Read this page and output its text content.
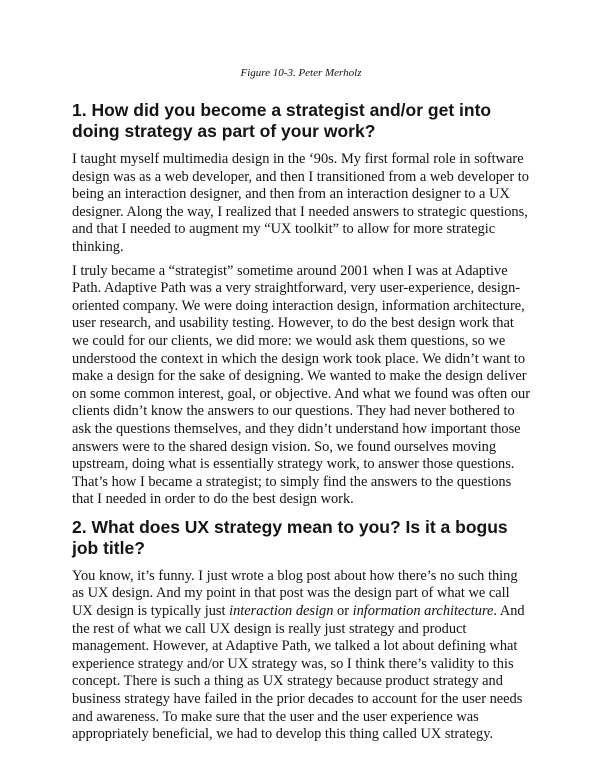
Figure 10-3. Peter Merholz
1. How did you become a strategist and/or get into doing strategy as part of your work?

I taught myself multimedia design in the ‘90s. My first formal role in software design was as a web developer, and then I transitioned from a web developer to being an interaction designer, and then from an interaction designer to a UX designer. Along the way, I realized that I needed answers to strategic questions, and that I needed to augment my “UX toolkit” to allow for more strategic thinking.

I truly became a “strategist” sometime around 2001 when I was at Adaptive Path. Adaptive Path was a very straightforward, very user-experience, design-oriented company. We were doing interaction design, information architecture, user research, and usability testing. However, to do the best design work that we could for our clients, we did more: we would ask them questions, so we understood the context in which the design work took place. We didn’t want to make a design for the sake of designing. We wanted to make the design deliver on some common interest, goal, or objective. And what we found was often our clients didn’t know the answers to our questions. They had never bothered to ask the questions themselves, and they didn’t understand how important those answers were to the shared design vision. So, we found ourselves moving upstream, doing what is essentially strategy work, to answer those questions. That’s how I became a strategist; to simply find the answers to the questions that I needed in order to do the best design work.

2. What does UX strategy mean to you? Is it a bogus job title?

You know, it’s funny. I just wrote a blog post about how there’s no such thing as UX design. And my point in that post was the design part of what we call UX design is typically just interaction design or information architecture. And the rest of what we call UX design is really just strategy and product management. However, at Adaptive Path, we talked a lot about defining what experience strategy and/or UX strategy was, so I think there’s validity to this concept. There is such a thing as UX strategy because product strategy and business strategy have failed in the prior decades to account for the user needs and awareness. To make sure that the user and the user experience was appropriately beneficial, we had to develop this thing called UX strategy.
